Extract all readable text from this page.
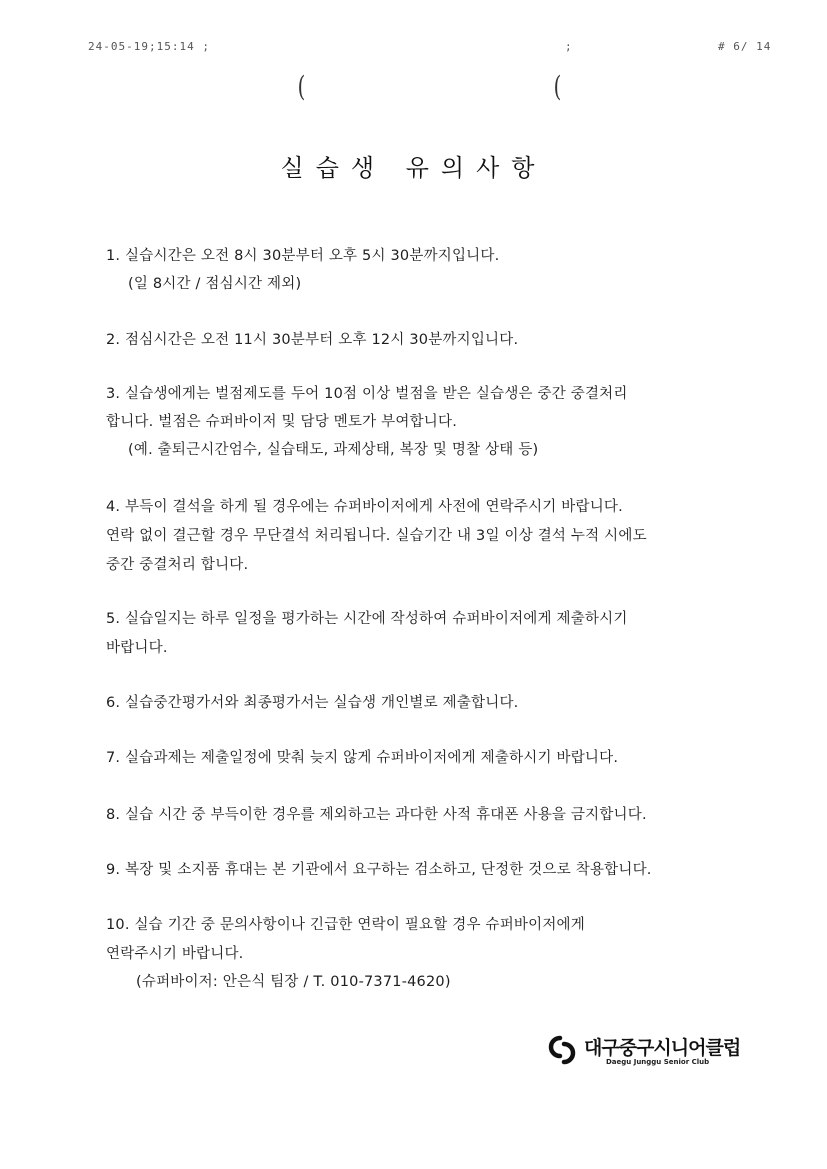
24-05-19;15:14 ;	;	# 6/ 14
(	(
실습생 유의사항
1. 실습시간은 오전 8시 30분부터 오후 5시 30분까지입니다.
(일 8시간 / 점심시간 제외)
2. 점심시간은 오전 11시 30분부터 오후 12시 30분까지입니다.
3. 실습생에게는 벌점제도를 두어 10점 이상 벌점을 받은 실습생은 중간 중결처리
합니다. 벌점은 슈퍼바이저 및 담당 멘토가 부여합니다.
(예. 출퇴근시간엄수, 실습태도, 과제상태, 복장 및 명찰 상태 등)
4. 부득이 결석을 하게 될 경우에는 슈퍼바이저에게 사전에 연락주시기 바랍니다.
연락 없이 결근할 경우 무단결석 처리됩니다. 실습기간 내 3일 이상 결석 누적 시에도
중간 중결처리 합니다.
5. 실습일지는 하루 일정을 평가하는 시간에 작성하여 슈퍼바이저에게 제출하시기
바랍니다.
6. 실습중간평가서와 최종평가서는 실습생 개인별로 제출합니다.
7. 실습과제는 제출일정에 맞춰 늦지 않게 슈퍼바이저에게 제출하시기 바랍니다.
8. 실습 시간 중 부득이한 경우를 제외하고는 과다한 사적 휴대폰 사용을 금지합니다.
9. 복장 및 소지품 휴대는 본 기관에서 요구하는 검소하고, 단정한 것으로 착용합니다.
10. 실습 기간 중 문의사항이나 긴급한 연락이 필요할 경우 슈퍼바이저에게
연락주시기 바랍니다.
(슈퍼바이저: 안은식 팀장 / T. 010-7371-4620)
대구중구시니어클럽
Daegu Junggu Senior Club
